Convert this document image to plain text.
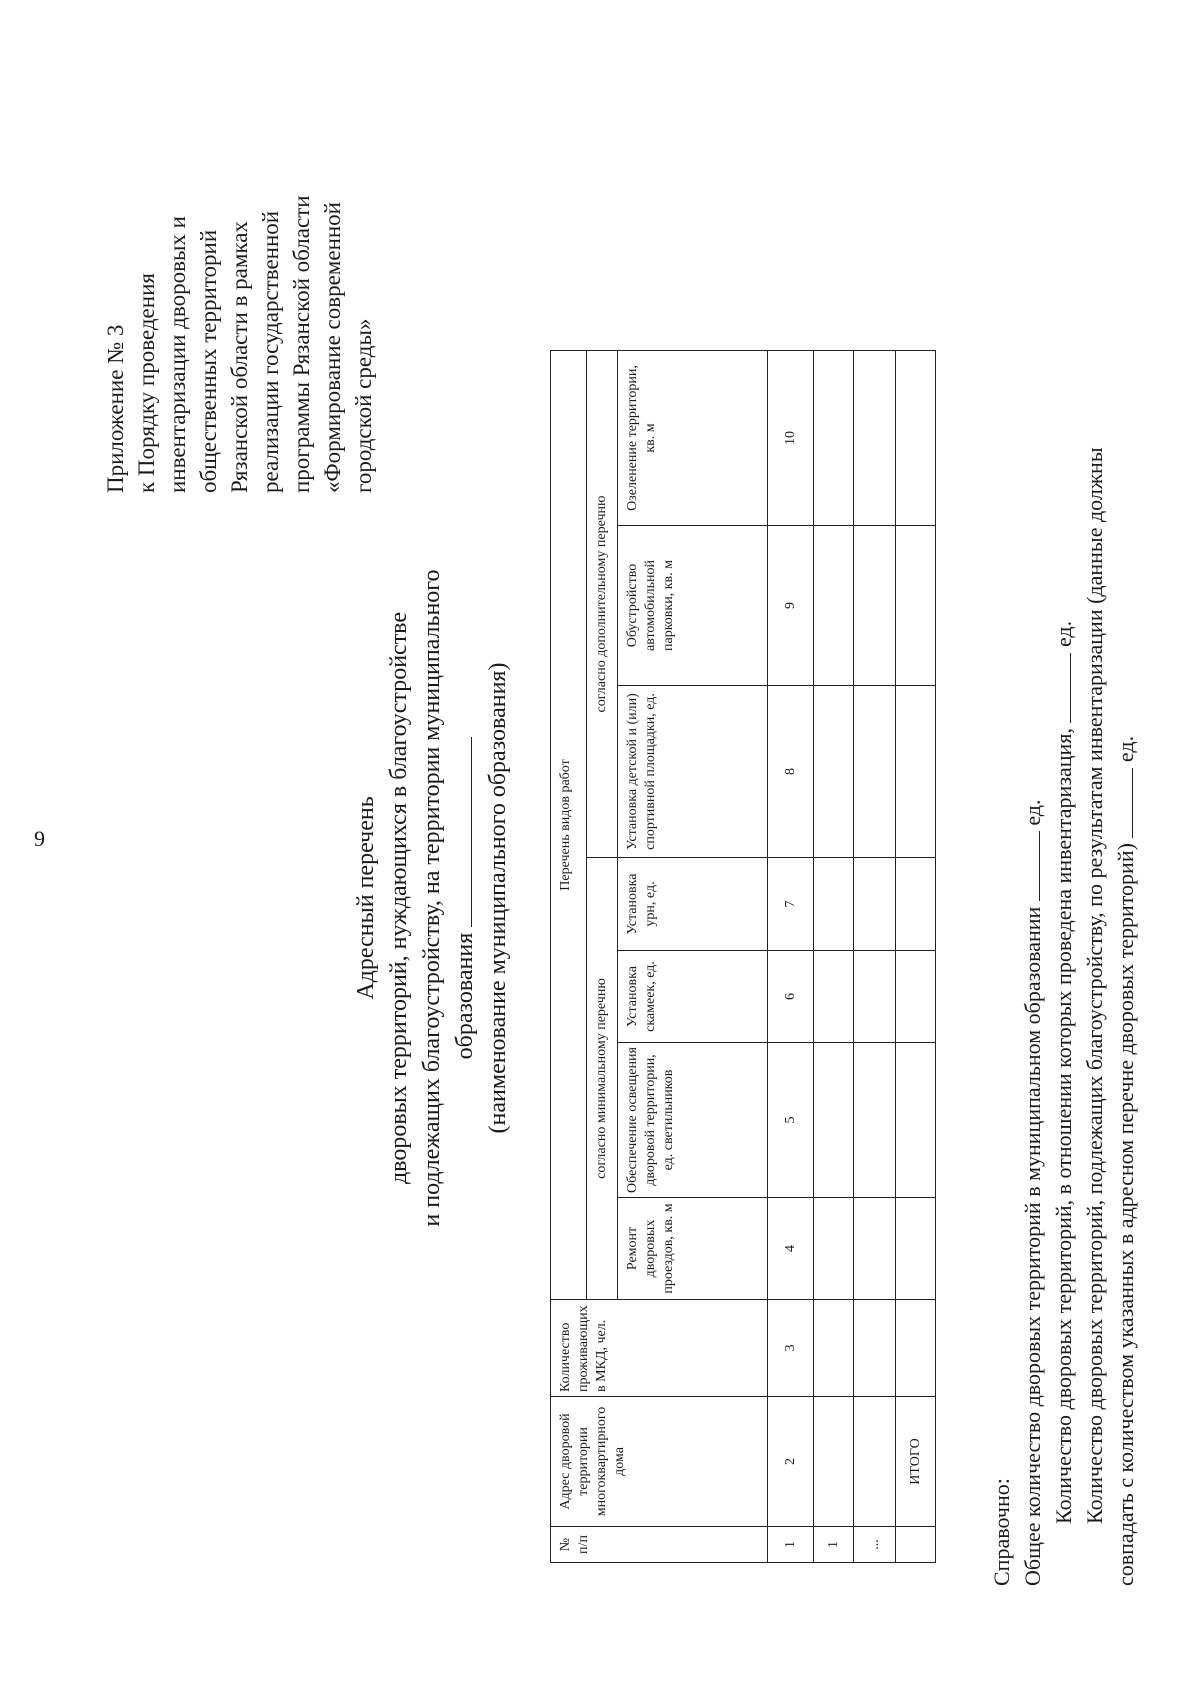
9
Приложение № 3 к Порядку проведения инвентаризации дворовых и общественных территорий Рязанской области в рамках реализации государственной программы Рязанской области «Формирование современной городской среды»
Адресный перечень дворовых территорий, нуждающихся в благоустройстве и подлежащих благоустройству, на территории муниципального образования (наименование муниципального образования)
№ п/п	Адрес дворовой территории многоквартирного дома	Количество проживающих в МКД, чел.	Перечень видов работ						
			согласно минимальному перечню				согласно дополнительному перечню		
			Ремонт дворовых проездов, кв. м	Обеспечение освещения дворовой территории, ед. светильников	Установка скамеек, ед.	Установка урн, ед.	Установка детской и (или) спортивной площадки, ед.	Обустройство автомобильной парковки, кв. м	Озеленение территории, кв. м
1	2	3	4	5	6	7	8	9	10
1									
...									
	ИТОГО								
Справочно: Общее количество дворовых территорий в муниципальном образовании  ед. Количество дворовых территорий, в отношении которых проведена инвентаризация,  ед. Количество дворовых территорий, подлежащих благоустройству, по результатам инвентаризации (данные должны совпадать с количеством указанных в адресном перечне дворовых территорий)  ед.
